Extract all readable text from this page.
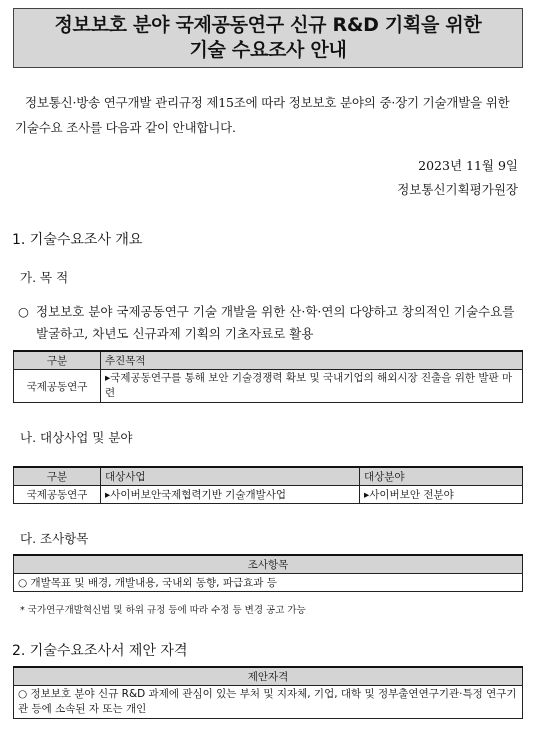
정보보호 분야 국제공동연구 신규 R&D 기획을 위한
기술 수요조사 안내
정보통신·방송 연구개발 관리규정 제15조에 따라 정보보호 분야의 중·장기 기술개발을 위한 기술수요 조사를 다음과 같이 안내합니다.
2023년 11월 9일
정보통신기획평가원장
1. 기술수요조사 개요
가. 목 적
○ 정보보호 분야 국제공동연구 기술 개발을 위한 산·학·연의 다양하고 창의적인 기술수요를 발굴하고, 차년도 신규과제 기획의 기초자료로 활용
구분	추진목적
국제공동연구	▸국제공동연구를 통해 보안 기술경쟁력 확보 및 국내기업의 해외시장 진출을 위한 발판 마련
나. 대상사업 및 분야
구분	대상사업	대상분야
국제공동연구	▸사이버보안국제협력기반 기술개발사업	▸사이버보안 전분야
다. 조사항목
조사항목
○ 개발목표 및 배경, 개발내용, 국내외 동향, 파급효과 등
* 국가연구개발혁신법 및 하위 규정 등에 따라 수정 등 변경 공고 가능
2. 기술수요조사서 제안 자격
제안자격
○ 정보보호 분야 신규 R&D 과제에 관심이 있는 부처 및 지자체, 기업, 대학 및 정부출연연구기관·특정 연구기관 등에 소속된 자 또는 개인
